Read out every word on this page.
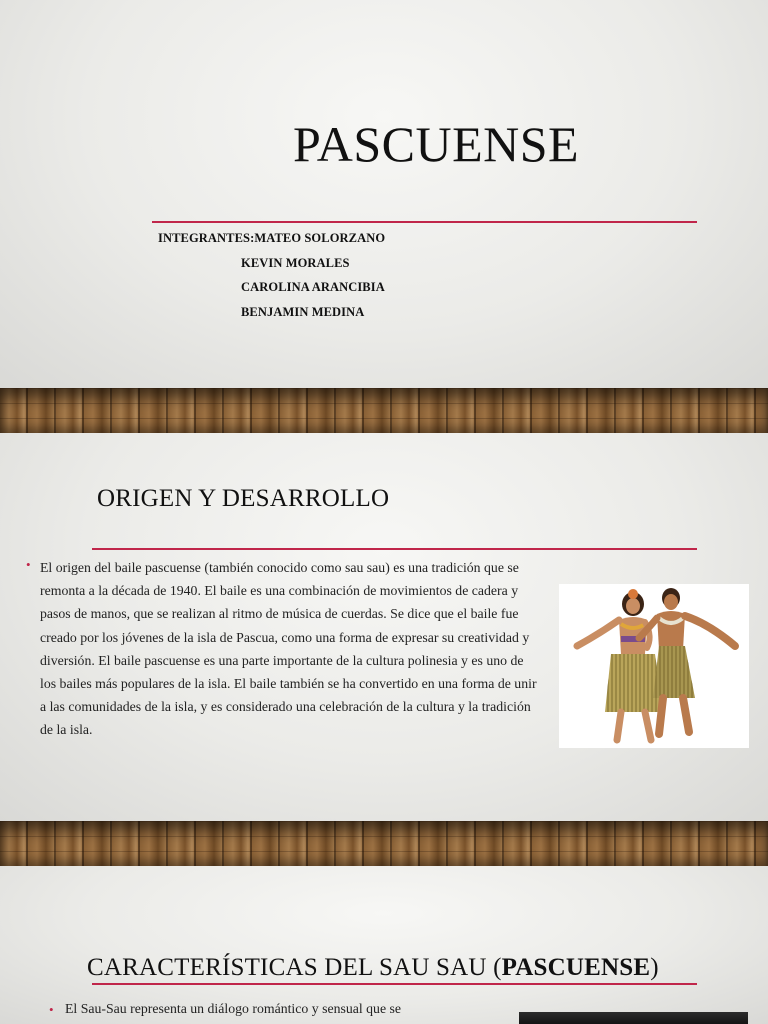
PASCUENSE
INTEGRANTES:MATEO SOLORZANO
KEVIN MORALES
CAROLINA ARANCIBIA
BENJAMIN MEDINA
ORIGEN Y DESARROLLO
• El origen del baile pascuense (también conocido como sau sau) es una tradición que se remonta a la década de 1940. El baile es una combinación de movimientos de cadera y pasos de manos, que se realizan al ritmo de música de cuerdas. Se dice que el baile fue creado por los jóvenes de la isla de Pascua, como una forma de expresar su creatividad y diversión. El baile pascuense es una parte importante de la cultura polinesia y es uno de los bailes más populares de la isla. El baile también se ha convertido en una forma de unir a las comunidades de la isla, y es considerado una celebración de la cultura y la tradición de la isla.
CARACTERÍSTICAS DEL SAU SAU (PASCUENSE)
• El Sau-Sau representa un diálogo romántico y sensual que se
